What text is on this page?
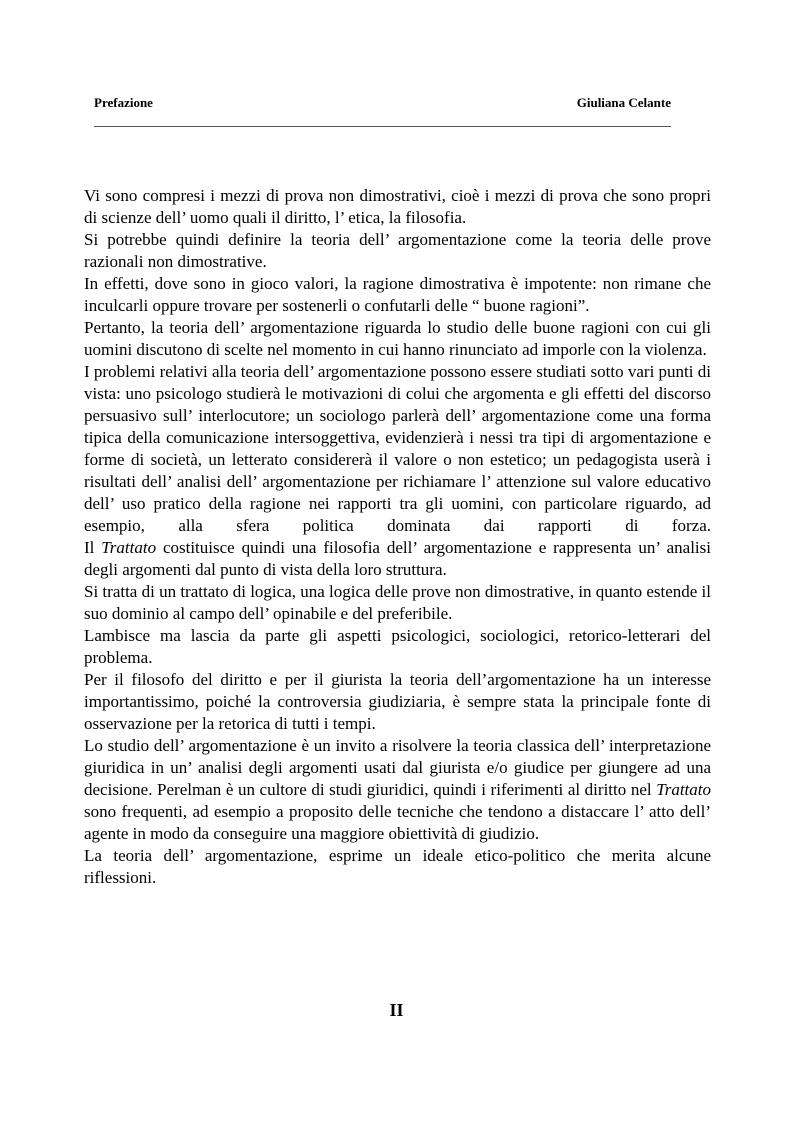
Prefazione	Giuliana Celante

Vi sono compresi i mezzi di prova non dimostrativi, cioè i mezzi di prova che sono propri di scienze dell’ uomo quali il diritto, l’ etica, la filosofia.

Si potrebbe quindi definire la teoria dell’ argomentazione come la teoria delle prove razionali non dimostrative.

In effetti, dove sono in gioco valori, la ragione dimostrativa è impotente: non rimane che inculcarli oppure trovare per sostenerli o confutarli delle “ buone ragioni”.

Pertanto, la teoria dell’ argomentazione riguarda lo studio delle buone ragioni con cui gli uomini discutono di scelte nel momento in cui hanno rinunciato ad imporle con la violenza.

I problemi relativi alla teoria dell’ argomentazione possono essere studiati sotto vari punti di vista: uno psicologo studierà le motivazioni di colui che argomenta e gli effetti del discorso persuasivo sull’ interlocutore; un sociologo parlerà dell’ argomentazione come una forma tipica della comunicazione intersoggettiva, evidenzierà i nessi tra tipi di argomentazione e forme di società, un letterato considererà il valore o non estetico; un pedagogista userà i risultati dell’ analisi dell’ argomentazione per richiamare l’ attenzione sul valore educativo dell’ uso pratico della ragione nei rapporti tra gli uomini, con particolare riguardo, ad esempio, alla sfera politica dominata dai rapporti di forza.

Il Trattato costituisce quindi una filosofia dell’ argomentazione e rappresenta un’ analisi degli argomenti dal punto di vista della loro struttura.

Si tratta di un trattato di logica, una logica delle prove non dimostrative, in quanto estende il suo dominio al campo dell’ opinabile e del preferibile.

Lambisce ma lascia da parte gli aspetti psicologici, sociologici, retorico-letterari del problema.

Per il filosofo del diritto e per il giurista la teoria dell’argomentazione ha un interesse importantissimo, poiché la controversia giudiziaria, è sempre stata la principale fonte di osservazione per la retorica di tutti i tempi.

Lo studio dell’ argomentazione è un invito a risolvere la teoria classica dell’ interpretazione giuridica in un’ analisi degli argomenti usati dal giurista e/o giudice per giungere ad una decisione. Perelman è un cultore di studi giuridici, quindi i riferimenti al diritto nel Trattato sono frequenti, ad esempio a proposito delle tecniche che tendono a distaccare l’ atto dell’ agente in modo da conseguire una maggiore obiettività di giudizio.

La teoria dell’ argomentazione, esprime un ideale etico-politico che merita alcune riflessioni.

II
